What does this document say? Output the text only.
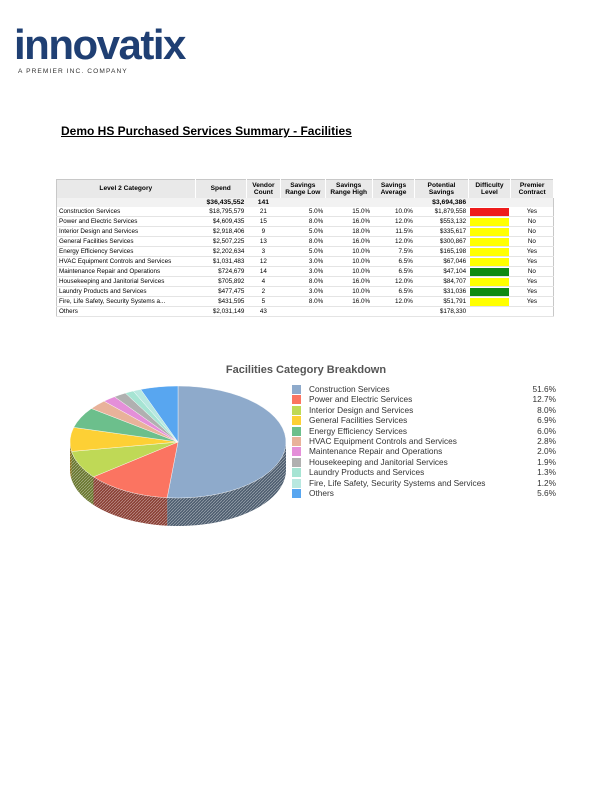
innovatix
A PREMIER INC. COMPANY
Demo HS Purchased Services Summary - Facilities
Level 2 Category	Spend	Vendor Count	Savings Range Low	Savings Range High	Savings Average	Potential Savings	Difficulty Level	Premier Contract
	$36,435,552	141				$3,694,386		
Construction Services	$18,795,579	21	5.0%	15.0%	10.0%	$1,879,558		Yes
Power and Electric Services	$4,609,435	15	8.0%	16.0%	12.0%	$553,132		No
Interior Design and Services	$2,918,406	9	5.0%	18.0%	11.5%	$335,617		No
General Facilities Services	$2,507,225	13	8.0%	16.0%	12.0%	$300,867		No
Energy Efficiency Services	$2,202,634	3	5.0%	10.0%	7.5%	$165,198		Yes
HVAC Equipment Controls and Services	$1,031,483	12	3.0%	10.0%	6.5%	$67,046		Yes
Maintenance Repair and Operations	$724,679	14	3.0%	10.0%	6.5%	$47,104		No
Housekeeping and Janitorial Services	$705,892	4	8.0%	16.0%	12.0%	$84,707		Yes
Laundry Products and Services	$477,475	2	3.0%	10.0%	6.5%	$31,036		Yes
Fire, Life Safety, Security Systems a...	$431,595	5	8.0%	16.0%	12.0%	$51,791		Yes
Others	$2,031,149	43				$178,330		
Facilities Category Breakdown
Construction Services	51.6%
Power and Electric Services	12.7%
Interior Design and Services	8.0%
General Facilities Services	6.9%
Energy Efficiency Services	6.0%
HVAC Equipment Controls and Services	2.8%
Maintenance Repair and Operations	2.0%
Housekeeping and Janitorial Services	1.9%
Laundry Products and Services	1.3%
Fire, Life Safety, Security Systems and Services	1.2%
Others	5.6%
